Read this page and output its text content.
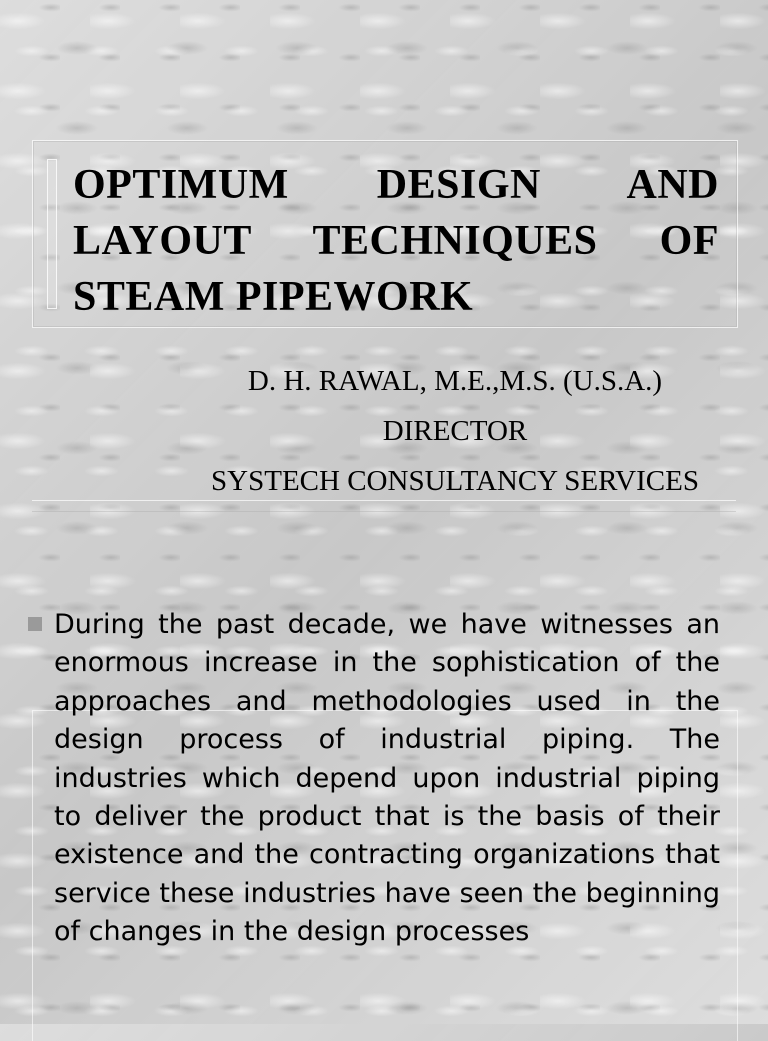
OPTIMUM DESIGN AND LAYOUT TECHNIQUES OF STEAM PIPEWORK
D. H. RAWAL, M.E.,M.S. (U.S.A.)
DIRECTOR
SYSTECH CONSULTANCY SERVICES

During the past decade, we have witnesses an enormous increase in the sophistication of the approaches and methodologies used in the design process of industrial piping. The industries which depend upon industrial piping to deliver the product that is the basis of their existence and the contracting organizations that service these industries have seen the beginning of changes in the design processes
